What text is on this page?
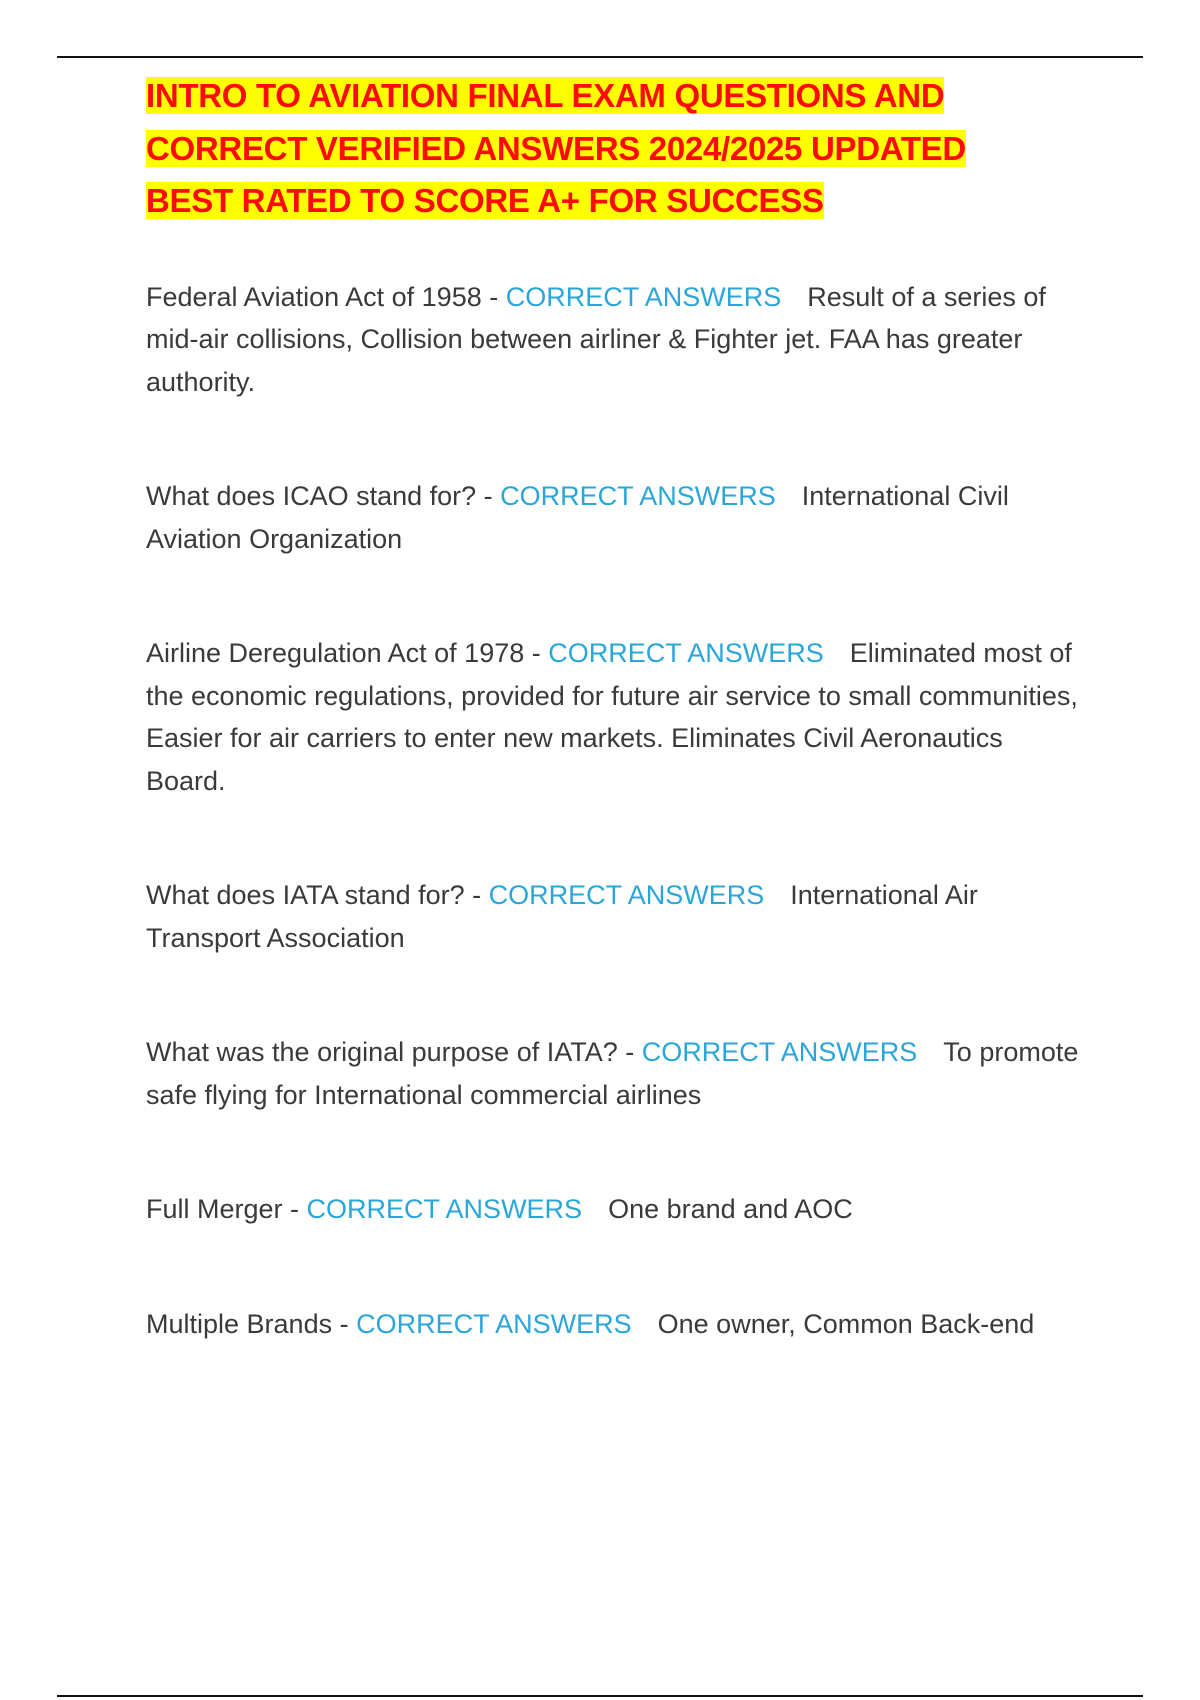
INTRO TO AVIATION FINAL EXAM QUESTIONS AND
CORRECT VERIFIED ANSWERS 2024/2025 UPDATED
BEST RATED TO SCORE A+ FOR SUCCESS

Federal Aviation Act of 1958 - CORRECT ANSWERS Result of a series of mid-air collisions, Collision between airliner & Fighter jet. FAA has greater authority.

What does ICAO stand for? - CORRECT ANSWERS International Civil Aviation Organization

Airline Deregulation Act of 1978 - CORRECT ANSWERS Eliminated most of the economic regulations, provided for future air service to small communities, Easier for air carriers to enter new markets. Eliminates Civil Aeronautics Board.

What does IATA stand for? - CORRECT ANSWERS International Air Transport Association

What was the original purpose of IATA? - CORRECT ANSWERS To promote safe flying for International commercial airlines

Full Merger - CORRECT ANSWERS One brand and AOC

Multiple Brands - CORRECT ANSWERS One owner, Common Back-end
